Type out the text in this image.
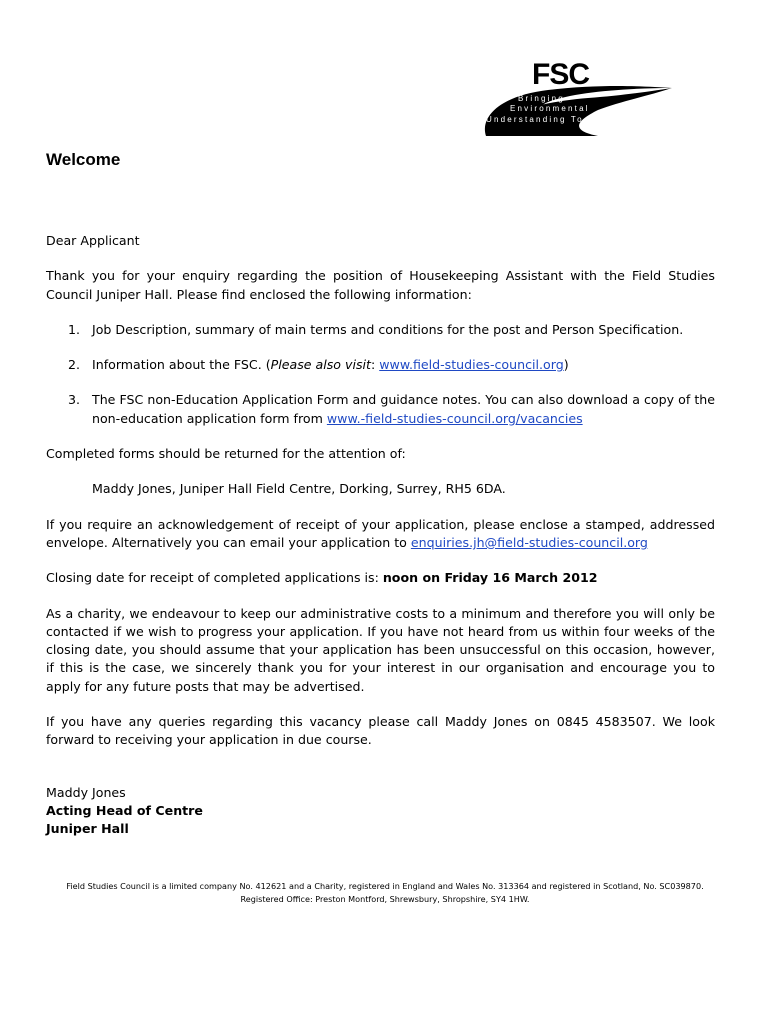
FSC
Bringing
Environmental
Understanding To All
Welcome

Dear Applicant

Thank you for your enquiry regarding the position of Housekeeping Assistant with the Field Studies Council Juniper Hall. Please find enclosed the following information:

1. Job Description, summary of main terms and conditions for the post and Person Specification.
2. Information about the FSC. (Please also visit: www.field-studies-council.org)
3. The FSC non-Education Application Form and guidance notes. You can also download a copy of the non-education application form from www.-field-studies-council.org/vacancies

Completed forms should be returned for the attention of:

Maddy Jones, Juniper Hall Field Centre, Dorking, Surrey, RH5 6DA.

If you require an acknowledgement of receipt of your application, please enclose a stamped, addressed envelope. Alternatively you can email your application to enquiries.jh@field-studies-council.org

Closing date for receipt of completed applications is: noon on Friday 16 March 2012

As a charity, we endeavour to keep our administrative costs to a minimum and therefore you will only be contacted if we wish to progress your application. If you have not heard from us within four weeks of the closing date, you should assume that your application has been unsuccessful on this occasion, however, if this is the case, we sincerely thank you for your interest in our organisation and encourage you to apply for any future posts that may be advertised.

If you have any queries regarding this vacancy please call Maddy Jones on 0845 4583507. We look forward to receiving your application in due course.

Maddy Jones
Acting Head of Centre
Juniper Hall
Field Studies Council is a limited company No. 412621 and a Charity, registered in England and Wales No. 313364 and registered in Scotland, No. SC039870.
Registered Office: Preston Montford, Shrewsbury, Shropshire, SY4 1HW.
